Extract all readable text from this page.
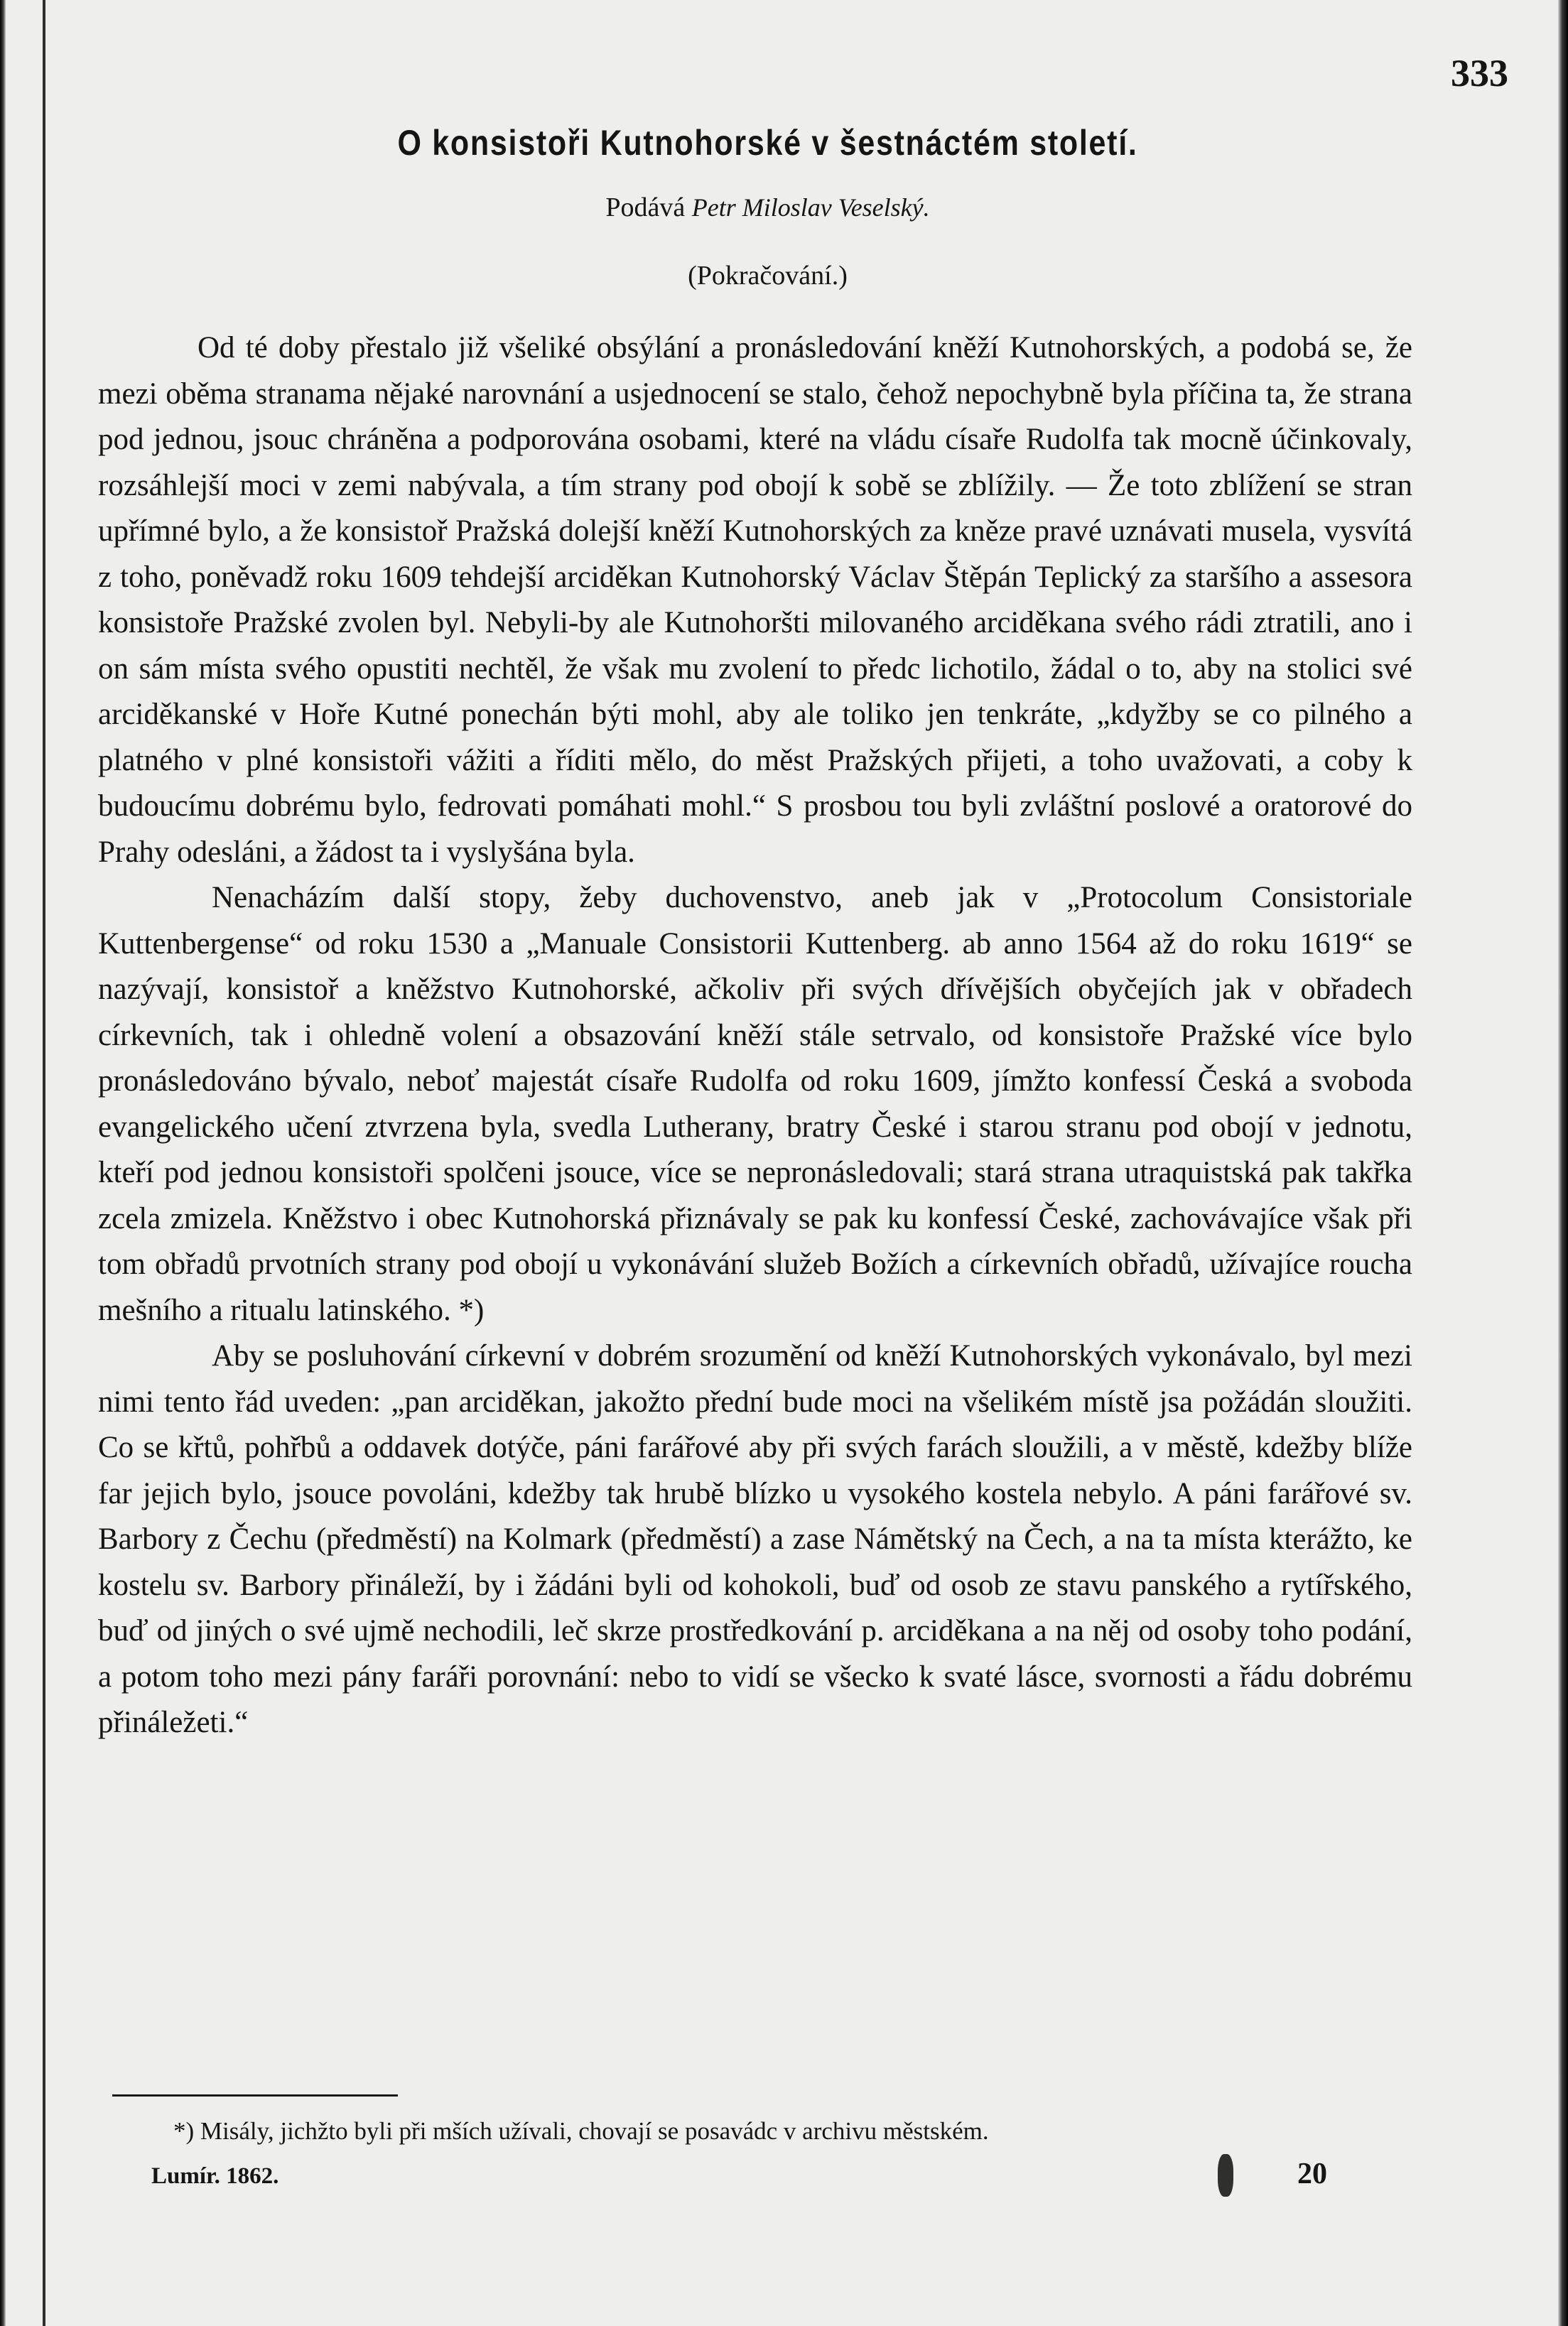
333

O konsistoři Kutnohorské v šestnáctém století.

Podává Petr Miloslav Veselský.

(Pokračování.)

Od té doby přestalo již všeliké obsýlání a pronásledování kněží Kutnohorských, a podobá se, že mezi oběma stranama nějaké narovnání a usjednocení se stalo, čehož nepochybně byla příčina ta, že strana pod jednou, jsouc chráněna a podporována osobami, které na vládu císaře Rudolfa tak mocně účinkovaly, rozsáhlejší moci v zemi nabývala, a tím strany pod obojí k sobě se zblížily. — Že toto zblížení se stran upřímné bylo, a že konsistoř Pražská dolejší kněží Kutnohorských za kněze pravé uznávati musela, vysvítá z toho, poněvadž roku 1609 tehdejší arciděkan Kutnohorský Václav Štěpán Teplický za staršího a assesora konsistoře Pražské zvolen byl. Nebyli-by ale Kutnohoršti milovaného arciděkana svého rádi ztratili, ano i on sám místa svého opustiti nechtěl, že však mu zvolení to předc lichotilo, žádal o to, aby na stolici své arciděkanské v Hoře Kutné ponechán býti mohl, aby ale toliko jen tenkráte, „kdyžby se co pilného a platného v plné konsistoři vážiti a říditi mělo, do měst Pražských přijeti, a toho uvažovati, a coby k budoucímu dobrému bylo, fedrovati pomáhati mohl.“ S prosbou tou byli zvláštní poslové a oratorové do Prahy odesláni, a žádost ta i vyslyšána byla.

Nenacházím další stopy, žeby duchovenstvo, aneb jak v „Protocolum Consistoriale Kuttenbergense“ od roku 1530 a „Manuale Consistorii Kuttenberg. ab anno 1564 až do roku 1619“ se nazývají, konsistoř a kněžstvo Kutnohorské, ačkoliv při svých dřívějších obyčejích jak v obřadech církevních, tak i ohledně volení a obsazování kněží stále setrvalo, od konsistoře Pražské více bylo pronásledováno bývalo, neboť majestát císaře Rudolfa od roku 1609, jímžto konfessí Česká a svoboda evangelického učení ztvrzena byla, svedla Lutherany, bratry České i starou stranu pod obojí v jednotu, kteří pod jednou konsistoři spolčeni jsouce, více se nepronásledovali; stará strana utraquistská pak takřka zcela zmizela. Kněžstvo i obec Kutnohorská přiznávaly se pak ku konfessí České, zachovávajíce však při tom obřadů prvotních strany pod obojí u vykonávání služeb Božích a církevních obřadů, užívajíce roucha mešního a ritualu latinského. *)

Aby se posluhování církevní v dobrém srozumění od kněží Kutnohorských vykonávalo, byl mezi nimi tento řád uveden: „pan arciděkan, jakožto přední bude moci na všelikém místě jsa požádán sloužiti. Co se křtů, pohřbů a oddavek dotýče, páni farářové aby při svých farách sloužili, a v městě, kdežby blíže far jejich bylo, jsouce povoláni, kdežby tak hrubě blízko u vysokého kostela nebylo. A páni farářové sv. Barbory z Čechu (předměstí) na Kolmark (předměstí) a zase Námětský na Čech, a na ta místa kterážto, ke kostelu sv. Barbory přináleží, by i žádáni byli od kohokoli, buď od osob ze stavu panského a rytířského, buď od jiných o své ujmě nechodili, leč skrze prostředkování p. arciděkana a na něj od osoby toho podání, a potom toho mezi pány faráři porovnání: nebo to vidí se všecko k svaté lásce, svornosti a řádu dobrému přináležeti.“

*) Misály, jichžto byli při mších užívali, chovají se posavádc v archivu městském.

Lumír. 1862.	20
